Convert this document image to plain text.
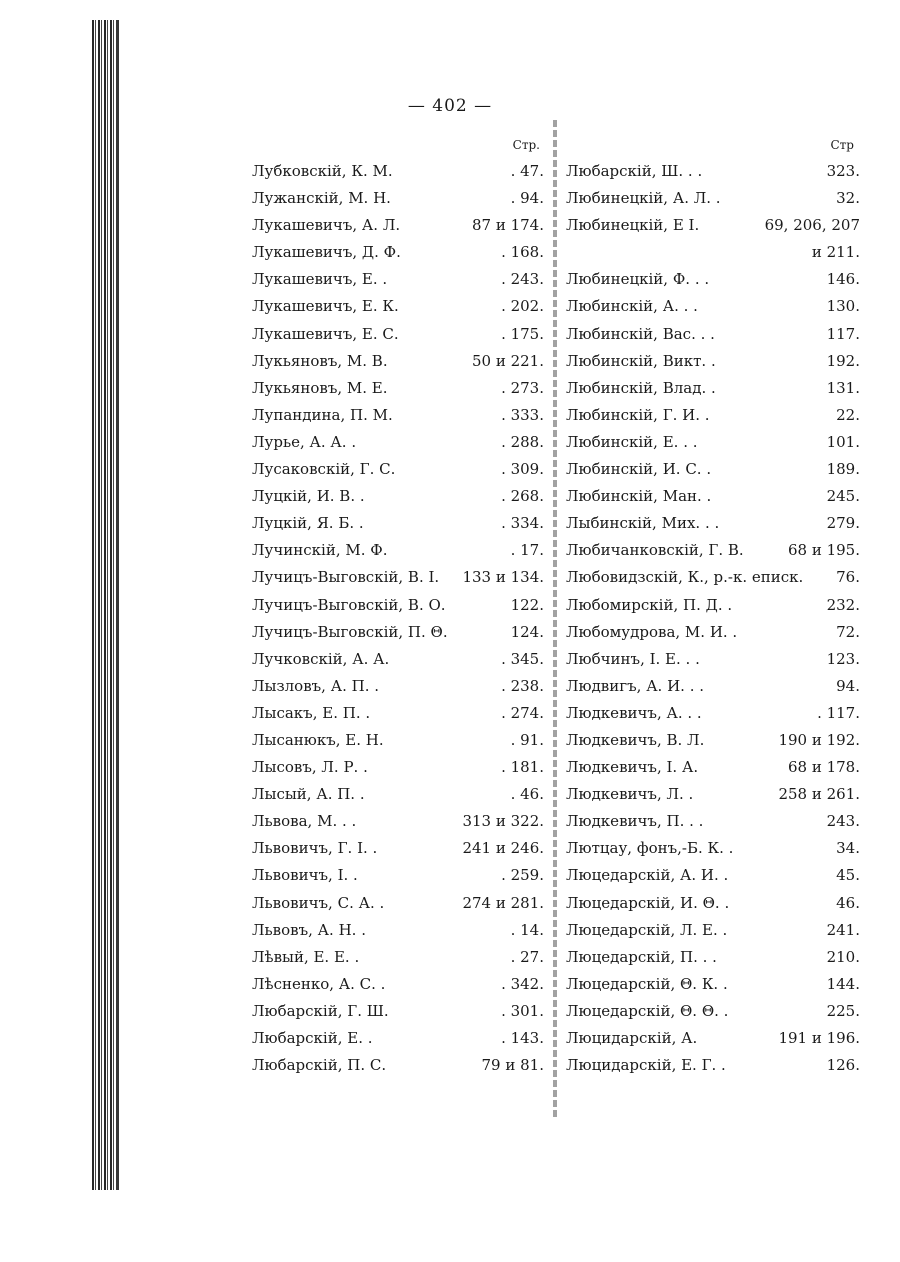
— 402 —
Стр.
Лубковскій, К. М.	. 47.
Лужанскій, М. Н.	. 94.
Лукашевичъ, А. Л.	87 и 174.
Лукашевичъ, Д. Ф.	. 168.
Лукашевичъ, Е. .	. 243.
Лукашевичъ, Е. К.	. 202.
Лукашевичъ, Е. С.	. 175.
Лукьяновъ, М. В.	50 и 221.
Лукьяновъ, М. Е.	. 273.
Лупандина, П. М.	. 333.
Лурье, А. А. .	. 288.
Лусаковскій, Г. С.	. 309.
Луцкій, И. В. .	. 268.
Луцкій, Я. Б. .	. 334.
Лучинскій, М. Ф.	. 17.
Лучицъ-Выговскій, В. І. 133 и 134.
Лучицъ-Выговскій, В. О.	122.
Лучицъ-Выговскій, П. Θ.	124.
Лучковскій, А. А.	. 345.
Лызловъ, А. П. .	. 238.
Лысакъ, Е. П. .	. 274.
Лысанюкъ, Е. Н.	. 91.
Лысовъ, Л. Р. .	. 181.
Лысый, А. П. .	. 46.
Львова, М. . .	313 и 322.
Львовичъ, Г. І. .	241 и 246.
Львовичъ, І. .	. 259.
Львовичъ, С. А. .	274 и 281.
Львовъ, А. Н. .	. 14.
Лѣвый, Е. Е. .	. 27.
Лѣсненко, А. С. .	. 342.
Любарскій, Г. Ш.	. 301.
Любарскій, Е. .	. 143.
Любарскій, П. С.	79 и 81.
Стр
Любарскій, Ш. . .	323.
Любинецкій, А. Л. .	32.
Любинецкій, Е І.	69, 206, 207
и 211.
Любинецкій, Ф. . .	146.
Любинскій, А. . .	130.
Любинскій, Вас. . .	117.
Любинскій, Викт. .	192.
Любинскій, Влад. .	131.
Любинскій, Г. И. .	22.
Любинскій, Е. . .	101.
Любинскій, И. С. .	189.
Любинскій, Ман. .	245.
Лыбинскій, Мих. . .	279.
Любичанковскій, Г. В.	68 и 195.
Любовидзскій, К., р.-к. еписк. 76.
Любомирскій, П. Д. .	232.
Любомудрова, М. И. .	72.
Любчинъ, І. Е. . .	123.
Людвигъ, А. И. . .	94.
Людкевичъ, А. . .	. 117.
Людкевичъ, В. Л.	190 и 192.
Людкевичъ, І. А.	68 и 178.
Людкевичъ, Л. .	258 и 261.
Людкевичъ, П. . .	243.
Лютцау, фонъ,-Б. К. .	34.
Люцедарскій, А. И. .	45.
Люцедарскій, И. Θ. .	46.
Люцедарскій, Л. Е. .	241.
Люцедарскій, П. . .	210.
Люцедарскій, Θ. К. .	144.
Люцедарскій, Θ. Θ. .	225.
Люцидарскій, А.	191 и 196.
Люцидарскій, Е. Г. .	126.
